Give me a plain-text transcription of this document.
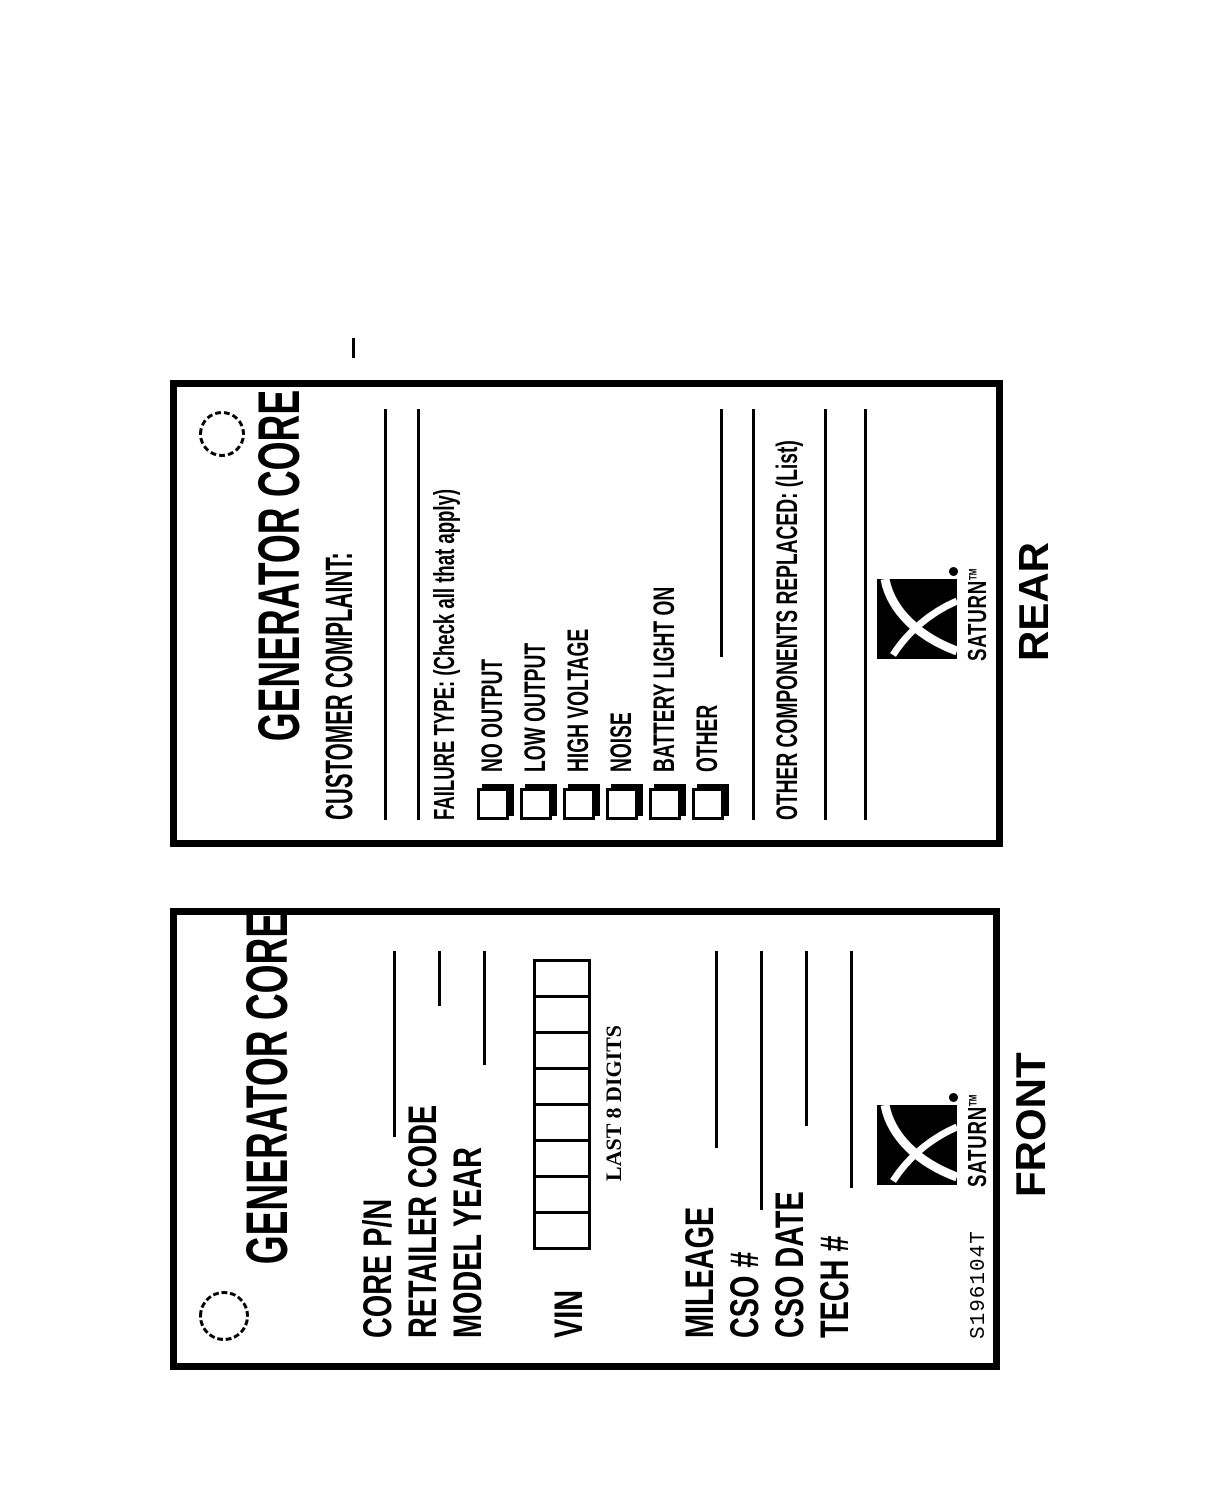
GENERATOR CORE CUSTOMER COMPLAINT: FAILURE TYPE: (Check all that apply) NO OUTPUT LOW OUTPUT HIGH VOLTAGE NOISE BATTERY LIGHT ON OTHER OTHER COMPONENTS REPLACED: (List)	SATURN™
GENERATOR CORE
CORE P/N RETAILER CODE MODEL YEAR VIN
LAST 8 DIGITS
MILEAGE CSO # CSO DATE TECH #
SATURN™
S196104T
REAR
FRONT
